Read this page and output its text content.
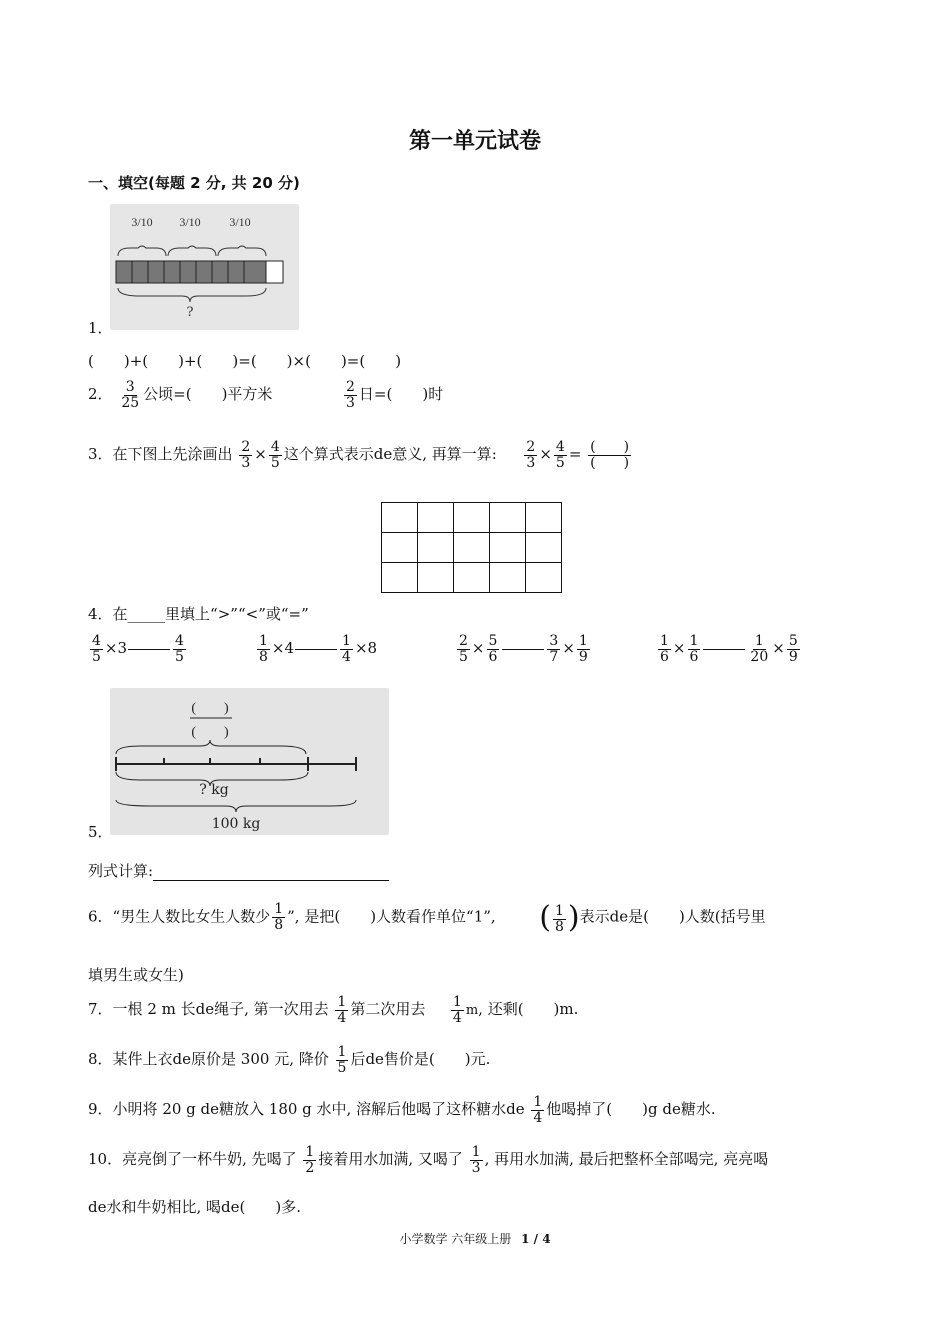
第一单元试卷
一、填空(每题 2 分, 共 20 分)
3/10 3/10 3/10
?
1．
(　　)+(　　)+(　　)=(　　)×(　　)=(　　)
2． $\frac{3}{25}$ 公顷=(　　)平方米	$\frac{2}{3}$ 日=(　　)时
3．在下图上先涂画出 $\frac{2}{3} \times \frac{4}{5}$ 这个算式表示de意义, 再算一算: $\frac{2}{3} \times \frac{4}{5} = \frac{( )}{( )}$

4．在_____里填上“>”“<”或“=”
$\frac{4}{5} \times 3$	$\frac{4}{5}$	$\frac{1}{8} \times 4$	$\frac{1}{4} \times 8$	$\frac{2}{5} \times \frac{5}{6}$	$\frac{3}{7} \times \frac{1}{9}$	$\frac{1}{6} \times \frac{1}{6}$	$\frac{1}{20} \times \frac{5}{9}$
(　　)
(　　)
? kg
100 kg
5．
列式计算:
6．“男生人数比女生人数少 $\frac{1}{8}$ ”, 是把(　　)人数看作单位“1”, ( $\frac{1}{8}$ )表示de是(　　)人数(括号里
填男生或女生)
7．一根 2 m 长de绳子, 第一次用去 $\frac{1}{4}$ 第二次用去 $\frac{1}{4} m$, 还剩(　　)m.
8．某件上衣de原价是 300 元, 降价 $\frac{1}{5}$ 后de售价是(　　)元.
9．小明将 20 g de糖放入 180 g 水中, 溶解后他喝了这杯糖水de $\frac{1}{4}$ 他喝掉了(　　)g de糖水.
10．亮亮倒了一杯牛奶, 先喝了 $\frac{1}{2}$ 接着用水加满, 又喝了 $\frac{1}{3}$ , 再用水加满, 最后把整杯全部喝完, 亮亮喝
de水和牛奶相比, 喝de(　　)多.
小学数学 六年级上册 1 / 4
